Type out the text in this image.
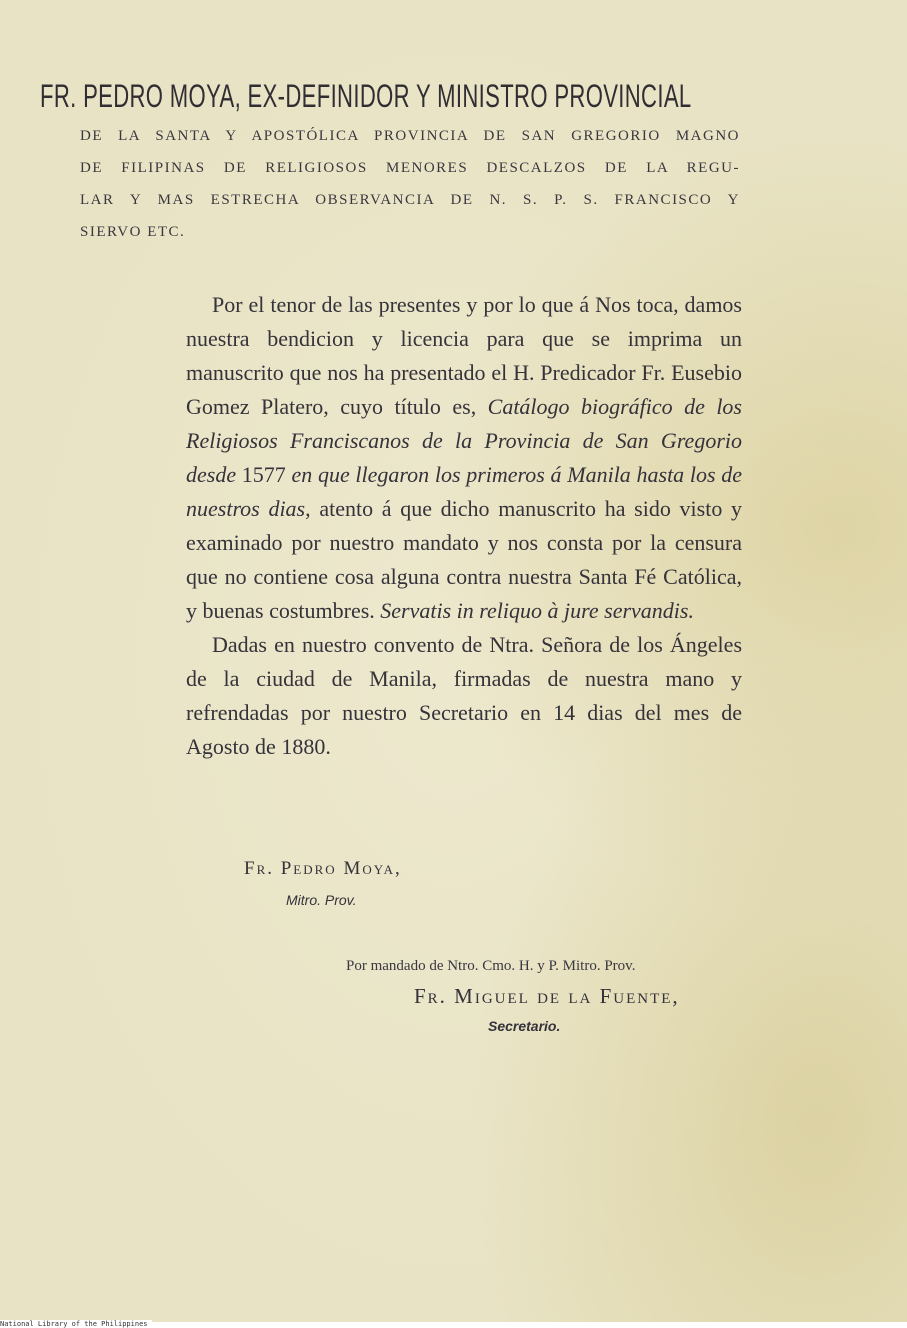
FR. PEDRO MOYA, EX-DEFINIDOR Y MINISTRO PROVINCIAL
DE LA SANTA Y APOSTÓLICA PROVINCIA DE SAN GREGORIO MAGNO
DE FILIPINAS DE RELIGIOSOS MENORES DESCALZOS DE LA REGU-
LAR Y MAS ESTRECHA OBSERVANCIA DE N. S. P. S. FRANCISCO Y
SIERVO ETC.

Por el tenor de las presentes y por lo que á Nos toca, damos nuestra bendicion y licencia para que se imprima un manuscrito que nos ha presentado el H. Predicador Fr. Eusebio Gomez Platero, cuyo título es, Catálogo biográfico de los Religiosos Franciscanos de la Provincia de San Gregorio desde 1577 en que llegaron los primeros á Manila hasta los de nuestros dias, atento á que dicho manuscrito ha sido visto y examinado por nuestro mandato y nos consta por la censura que no contiene cosa alguna contra nuestra Santa Fé Católica, y buenas costumbres. Servatis in reliquo à jure servandis.

Dadas en nuestro convento de Ntra. Señora de los Ángeles de la ciudad de Manila, firmadas de nuestra mano y refrendadas por nuestro Secretario en 14 dias del mes de Agosto de 1880.

Fr. Pedro Moya,
Mitro. Prov.
Por mandado de Ntro. Cmo. H. y P. Mitro. Prov.
Fr. Miguel de la Fuente,
Secretario.
National Library of the Philippines
